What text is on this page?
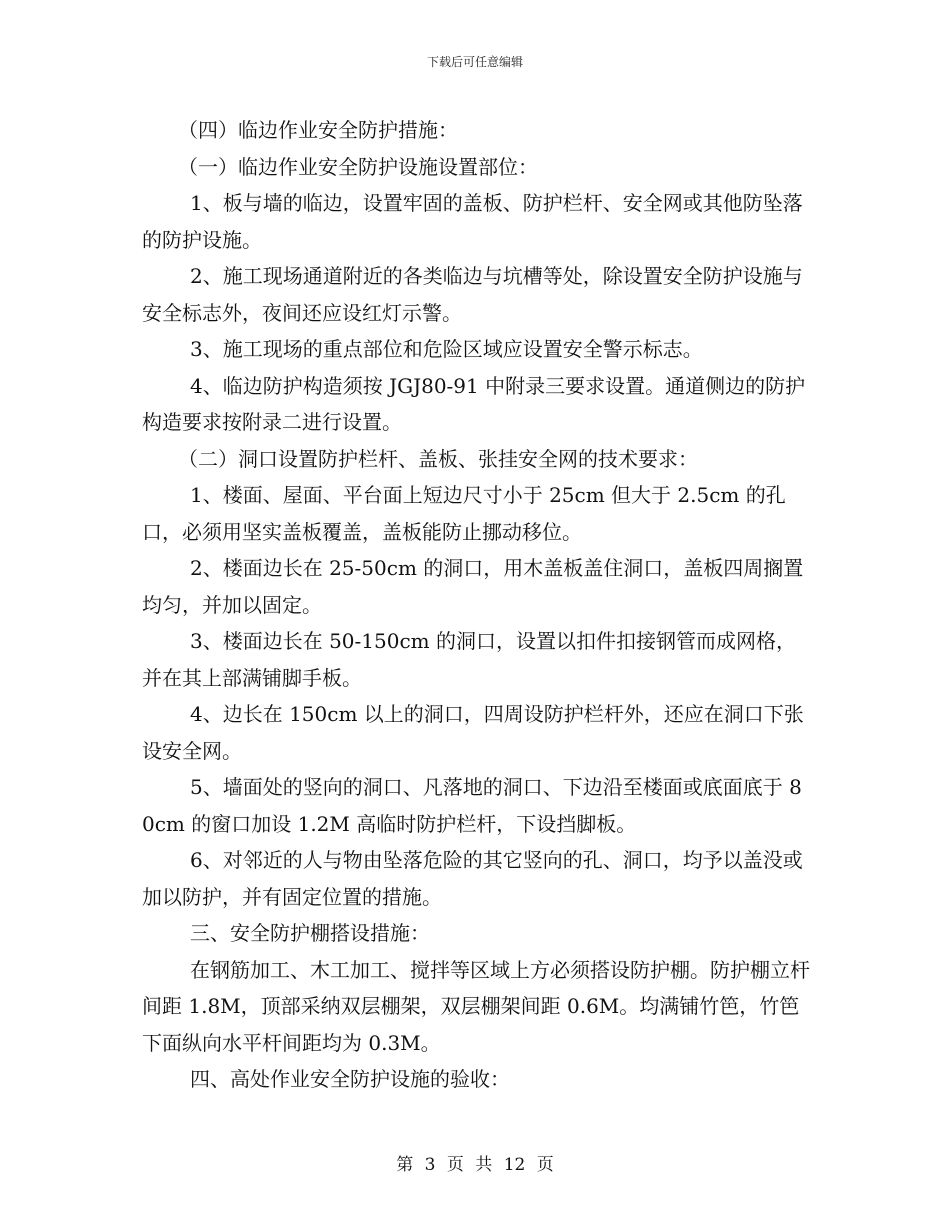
下载后可任意编辑

（四）临边作业安全防护措施：

（一）临边作业安全防护设施设置部位：

1、板与墙的临边，设置牢固的盖板、防护栏杆、安全网或其他防坠落的防护设施。

2、施工现场通道附近的各类临边与坑槽等处，除设置安全防护设施与安全标志外，夜间还应设红灯示警。

3、施工现场的重点部位和危险区域应设置安全警示标志。

4、临边防护构造须按 JGJ80-91 中附录三要求设置。通道侧边的防护构造要求按附录二进行设置。

（二）洞口设置防护栏杆、盖板、张挂安全网的技术要求：

1、楼面、屋面、平台面上短边尺寸小于 25cm 但大于 2.5cm 的孔口，必须用坚实盖板覆盖，盖板能防止挪动移位。

2、楼面边长在 25-50cm 的洞口，用木盖板盖住洞口，盖板四周搁置均匀，并加以固定。

3、楼面边长在 50-150cm 的洞口，设置以扣件扣接钢管而成网格，并在其上部满铺脚手板。

4、边长在 150cm 以上的洞口，四周设防护栏杆外，还应在洞口下张设安全网。

5、墙面处的竖向的洞口、凡落地的洞口、下边沿至楼面或底面底于 80cm 的窗口加设 1.2M 高临时防护栏杆，下设挡脚板。

6、对邻近的人与物由坠落危险的其它竖向的孔、洞口，均予以盖没或加以防护，并有固定位置的措施。

三、安全防护棚搭设措施：

在钢筋加工、木工加工、搅拌等区域上方必须搭设防护棚。防护棚立杆间距 1.8M，顶部采纳双层棚架，双层棚架间距 0.6M。均满铺竹笆，竹笆下面纵向水平杆间距均为 0.3M。

四、高处作业安全防护设施的验收：

第 3 页 共 12 页
